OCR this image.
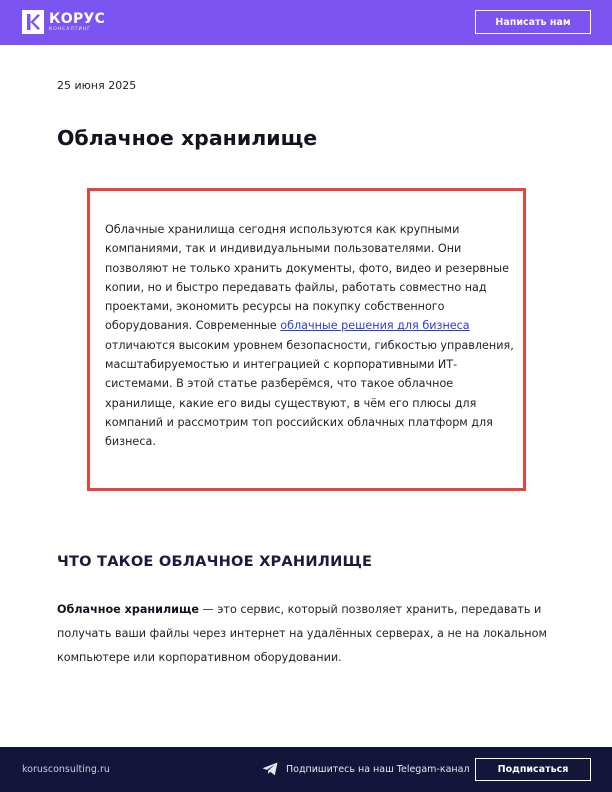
КОРУС
КОНСАЛТИНГ
Написать нам
25 июня 2025
Облачное хранилище

Облачные хранилища сегодня используются как крупными компаниями, так и индивидуальными пользователями. Они позволяют не только хранить документы, фото, видео и резервные копии, но и быстро передавать файлы, работать совместно над проектами, экономить ресурсы на покупку собственного оборудования. Современные облачные решения для бизнеса отличаются высоким уровнем безопасности, гибкостью управления, масштабируемостью и интеграцией с корпоративными ИТ-системами. В этой статье разберёмся, что такое облачное хранилище, какие его виды существуют, в чём его плюсы для компаний и рассмотрим топ российских облачных платформ для бизнеса.

ЧТО ТАКОЕ ОБЛАЧНОЕ ХРАНИЛИЩЕ

Облачное хранилище — это сервис, который позволяет хранить, передавать и получать ваши файлы через интернет на удалённых серверах, а не на локальном компьютере или корпоративном оборудовании.

korusconsulting.ru	Подпишитесь на наш Telegam-канал	Подписаться
